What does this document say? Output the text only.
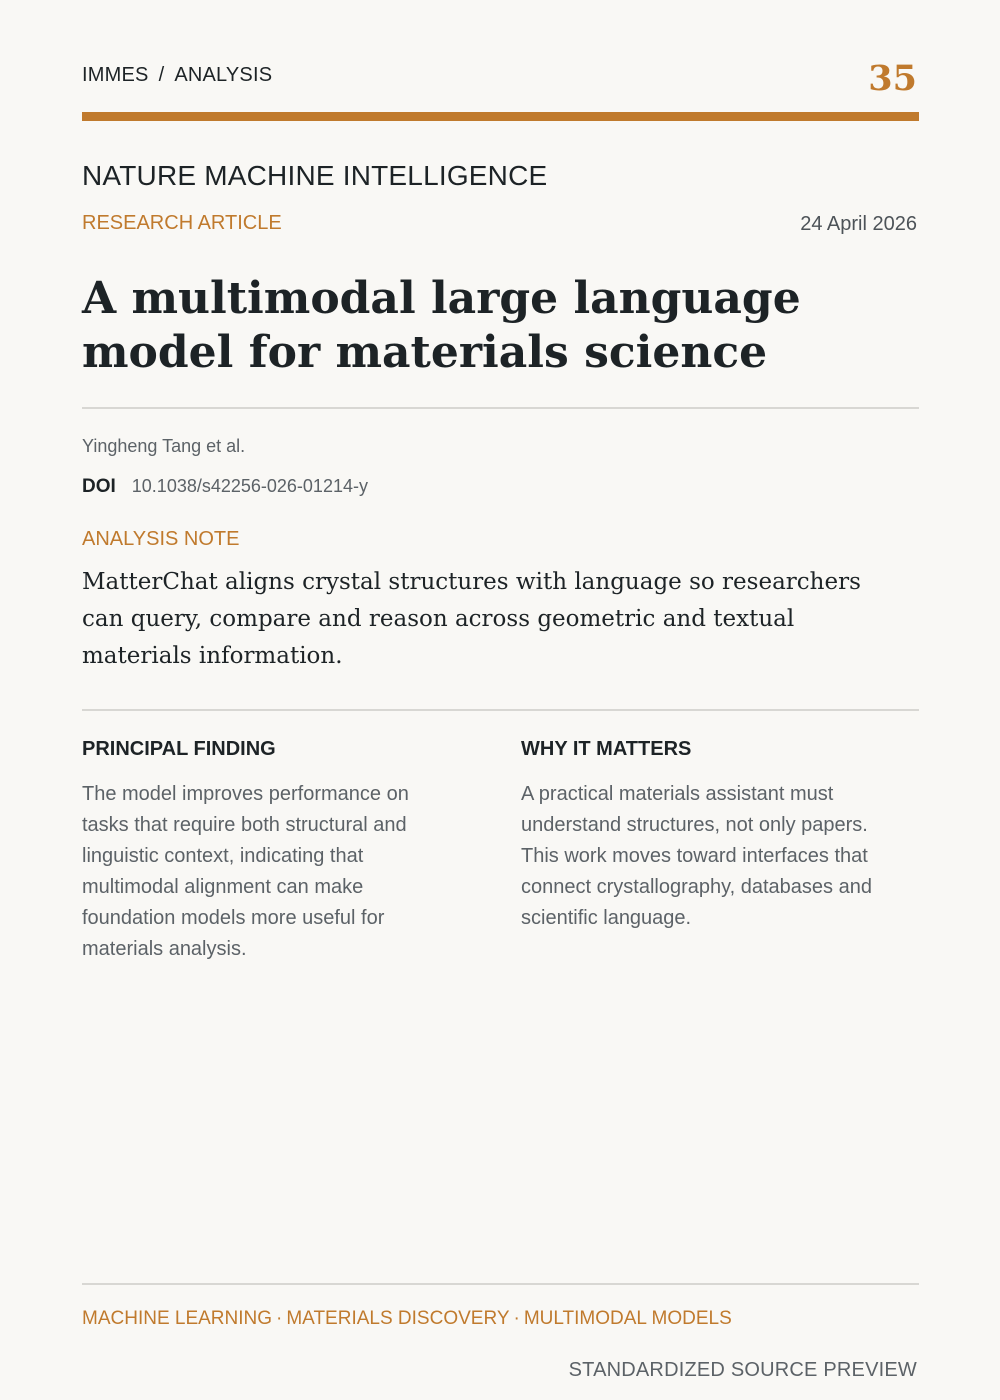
IMMES / ANALYSIS	35
NATURE MACHINE INTELLIGENCE
RESEARCH ARTICLE	24 April 2026
A multimodal large language
model for materials science
Yingheng Tang et al.
DOI 10.1038/s42256-026-01214-y
ANALYSIS NOTE

MatterChat aligns crystal structures with language so researchers
can query, compare and reason across geometric and textual
materials information.

PRINCIPAL FINDING

The model improves performance on
tasks that require both structural and
linguistic context, indicating that
multimodal alignment can make
foundation models more useful for
materials analysis.

WHY IT MATTERS

A practical materials assistant must
understand structures, not only papers.
This work moves toward interfaces that
connect crystallography, databases and
scientific language.

MACHINE LEARNING · MATERIALS DISCOVERY · MULTIMODAL MODELS
STANDARDIZED SOURCE PREVIEW
